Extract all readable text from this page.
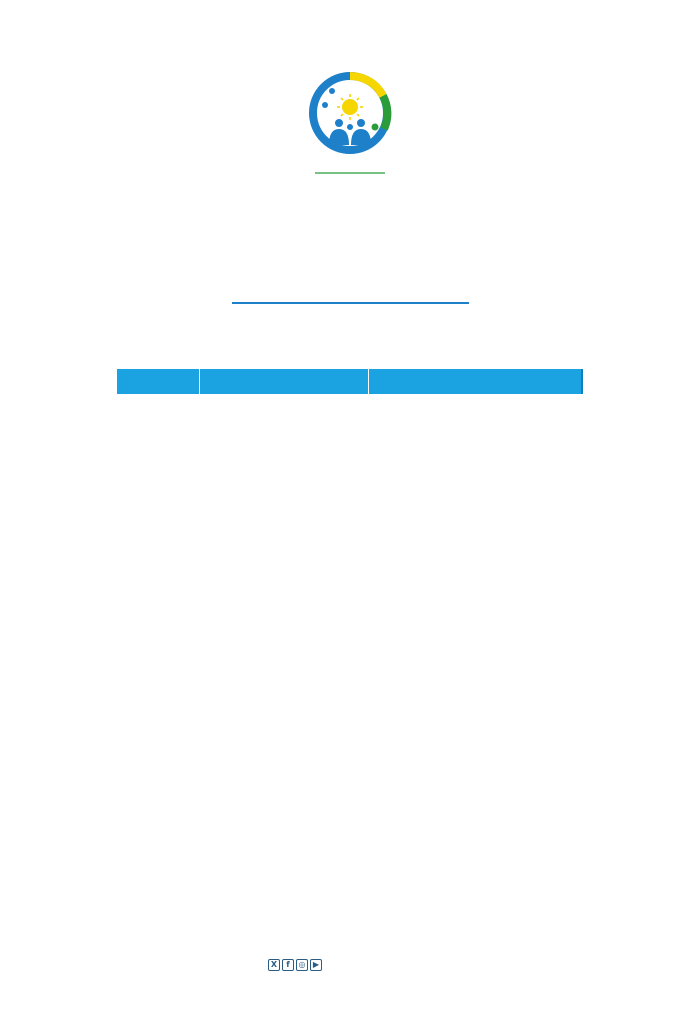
X	f	◎ ▶
